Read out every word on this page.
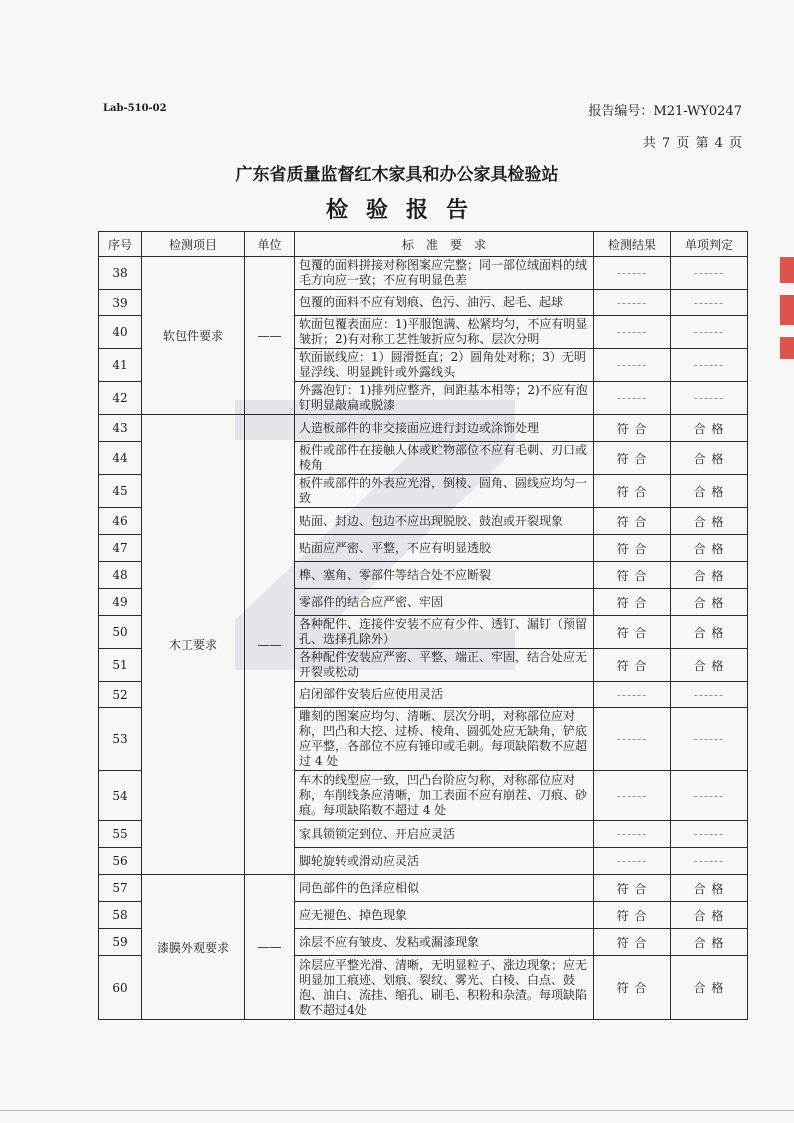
Lab-510-02	报告编号：M21-WY0247
共 7 页 第 4 页
广东省质量监督红木家具和办公家具检验站
检验报告
序号	检测项目	单位	标　准　要　求	检测结果	单项判定
38	软包件要求	——	包覆的面料拼接对称图案应完整；同一部位绒面料的绒毛方向应一致；不应有明显色差	------	------
39			包覆的面料不应有划痕、色污、油污、起毛、起球	------	------
40			软面包覆表面应：1)平服饱满、松紧均匀，不应有明显皱折；2)有对称工艺性皱折应匀称、层次分明	------	------
41			软面嵌线应：1）圆滑挺直；2）圆角处对称；3）无明显浮线、明显跳针或外露线头	------	------
42			外露泡钉：1)排列应整齐，间距基本相等；2)不应有泡钉明显敲扁或脱漆	------	------
43	木工要求	——	人造板部件的非交接面应进行封边或涂饰处理	符 合	合 格
44			板件或部件在接触人体或贮物部位不应有毛刺、刃口或棱角	符 合	合 格
45			板件或部件的外表应光滑，倒棱、圆角、圆线应均匀一致	符 合	合 格
46			贴面、封边、包边不应出现脱胶、鼓泡或开裂现象	符 合	合 格
47			贴面应严密、平整，不应有明显透胶	符 合	合 格
48			榫、塞角、零部件等结合处不应断裂	符 合	合 格
49			零部件的结合应严密、牢固	符 合	合 格
50			各种配件、连接件安装不应有少件、透钉、漏钉（预留孔、选择孔除外）	符 合	合 格
51			各种配件安装应严密、平整、端正、牢固，结合处应无开裂或松动	符 合	合 格
52			启闭部件安装后应使用灵活	------	------
53			雕刻的图案应均匀、清晰、层次分明，对称部位应对称，凹凸和大挖、过桥、棱角、圆弧处应无缺角，铲底应平整，各部位不应有锤印或毛刺。每项缺陷数不应超过 4 处	------	------
54			车木的线型应一致，凹凸台阶应匀称，对称部位应对称，车削线条应清晰，加工表面不应有崩茬、刀痕、砂痕。每项缺陷数不超过 4 处	------	------
55			家具锁锁定到位、开启应灵活	------	------
56			脚轮旋转或滑动应灵活	------	------
57	漆膜外观要求	——	同色部件的色泽应相似	符 合	合 格
58			应无褪色、掉色现象	符 合	合 格
59			涂层不应有皱皮、发粘或漏漆现象	符 合	合 格
60			涂层应平整光滑、清晰，无明显粒子、涨边现象；应无明显加工痕迹、划痕、裂纹、雾光、白棱、白点、鼓泡、油白、流挂、缩孔、刷毛、积粉和杂渣。每项缺陷数不超过4处	符 合	合 格
